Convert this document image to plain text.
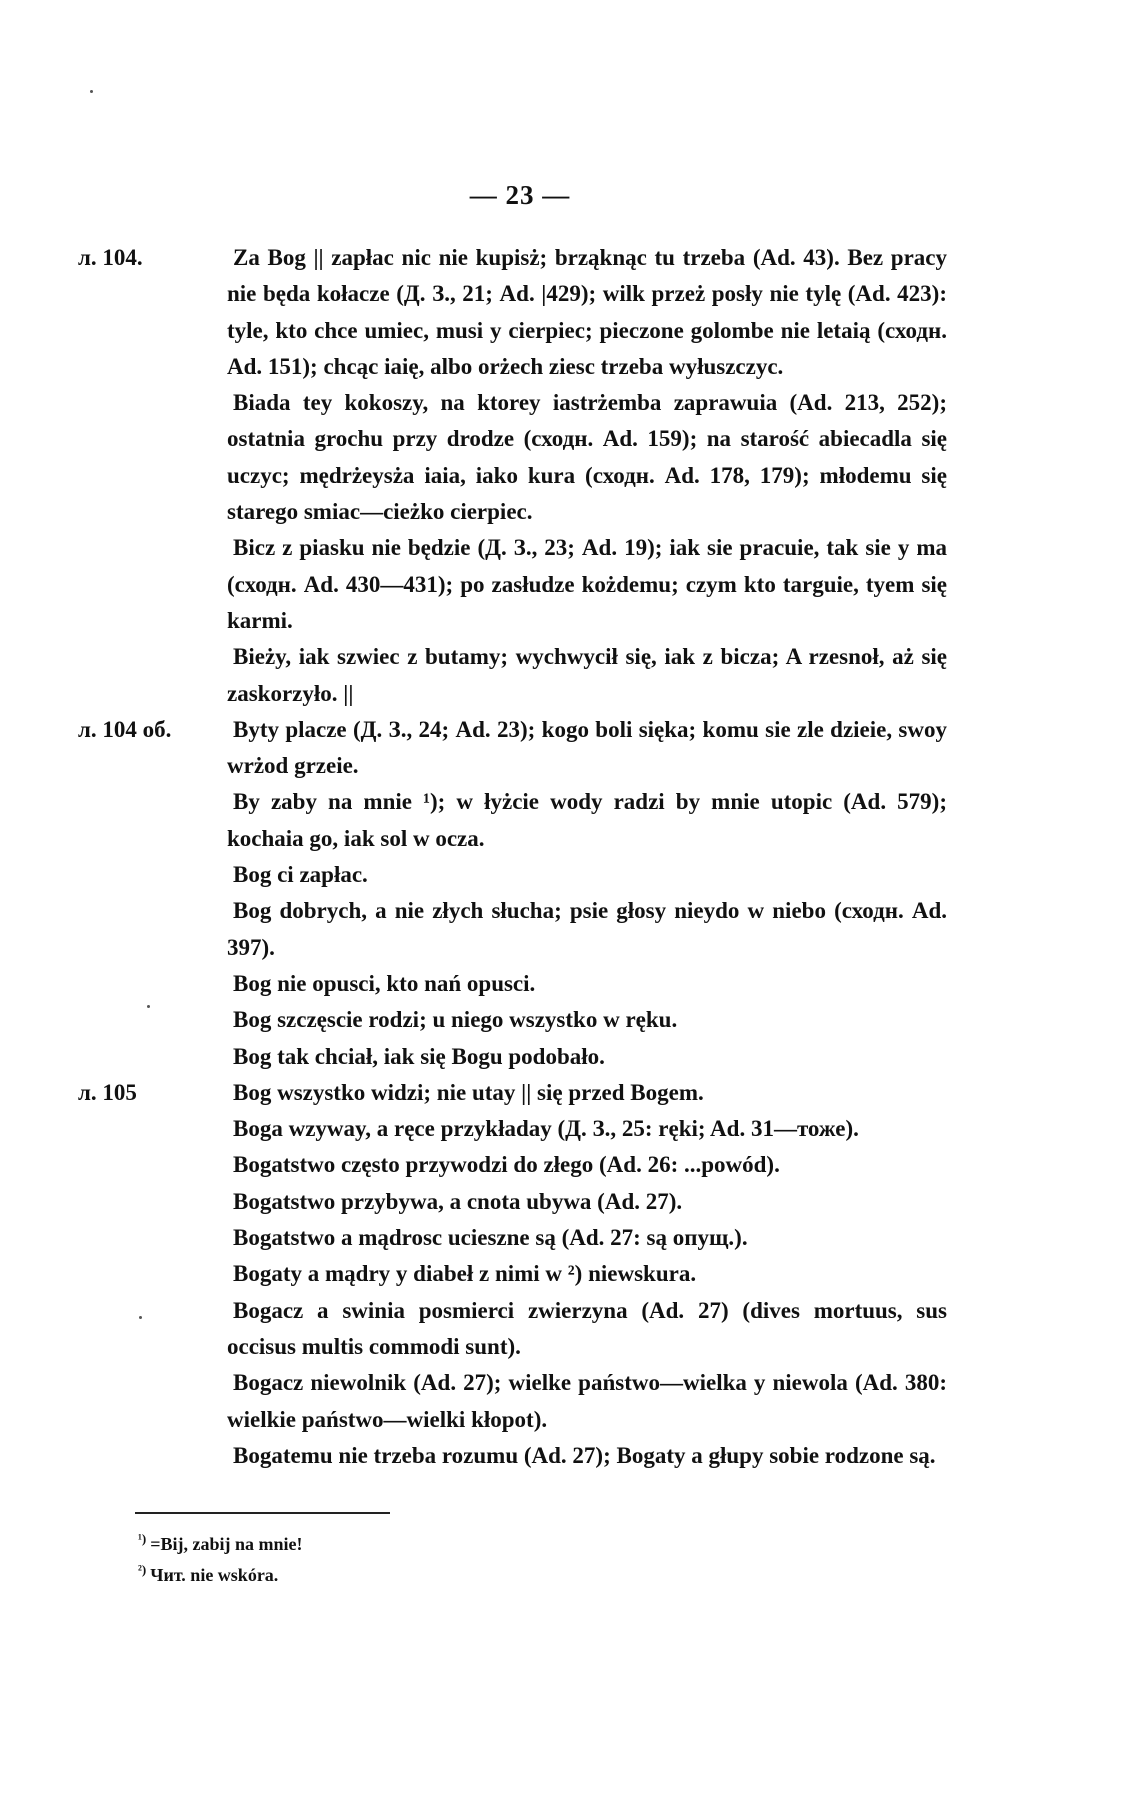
— 23 —
л. 104.	Za Bog || zapłac nic nie kupisż; brząknąc tu trzeba (Ad. 43). Bez pracy nie będa kołacze (Д. З., 21; Ad. |429); wilk przeż posły nie tylę (Ad. 423): tyle, kto chce umiec, musi y cierpiec; pieczone golombe nie letaią (сходн. Ad. 151); chcąc iaię, albo orżech ziesc trzeba wyłuszczyc.
Biada tey kokoszy, na ktorey iastrżemba zaprawuia (Ad. 213, 252); ostatnia grochu przy drodze (сходн. Ad. 159); na starość abiecadla się uczyc; mędrżeysża iaia, iako kura (сходн. Ad. 178, 179); młodemu się starego smiac—cieżko cierpiec.
Bicz z piasku nie będzie (Д. З., 23; Ad. 19); iak sie pracuie, tak sie y ma (сходн. Ad. 430—431); po zasłudze kożdemu; czym kto targuie, tyem się karmi.
Bieży, iak szwiec z butamy; wychwycił się, iak z bicza; A rzesnoł, aż się zaskorzyło. ||
л. 104 об.	Byty placze (Д. З., 24; Ad. 23); kogo boli sięka; komu sie zle dzieie, swoy wrżod grzeie.
By zaby na mnie ¹); w łyżcie wody radzi by mnie utopic (Ad. 579); kochaia go, iak sol w ocza.
Bog ci zapłac.
Bog dobrych, a nie złych słucha; psie głosy nieydo w niebo (сходн. Ad. 397).
Bog nie opusci, kto nań opusci.
Bog szczęscie rodzi; u niego wszystko w ręku.
Bog tak chciał, iak się Bogu podobało.
л. 105	Bog wszystko widzi; nie utay || się przed Bogem.
Boga wzyway, a ręce przykładay (Д. З., 25: ręki; Ad. 31—тоже).
Bogatstwo często przywodzi do złego (Ad. 26: ...powód).
Bogatstwo przybywa, a cnota ubywa (Ad. 27).
Bogatstwo a mądrosc ucieszne są (Ad. 27: są опущ.).
Bogaty a mądry y diabeł z nimi w ²) niewskura.
Bogacz a swinia posmierci zwierzyna (Ad. 27) (dives mortuus, sus occisus multis commodi sunt).
Bogacz niewolnik (Ad. 27); wielke państwo—wielka y niewola (Ad. 380: wielkie państwo—wielki kłopot).
Bogatemu nie trzeba rozumu (Ad. 27); Bogaty a głupy sobie rodzone są.
$^{^1)}$ =Bij, zabij na mnie!
$^{^2)}$ Чит. nie wskóra.
